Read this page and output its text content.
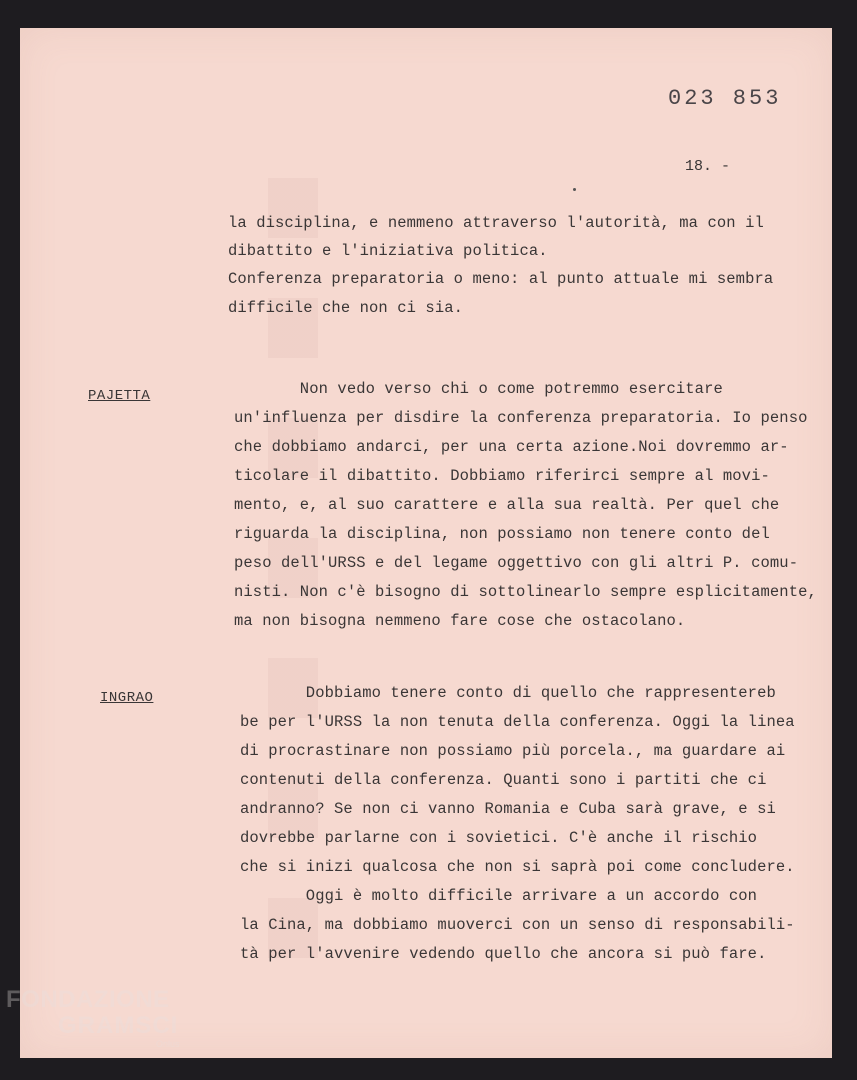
023 853
18. -
la disciplina, e nemmeno attraverso l'autorità, ma con il
dibattito e l'iniziativa politica.
Conferenza preparatoria o meno: al punto attuale mi sembra
difficile che non ci sia.
PAJETTA	Non vedo verso chi o come potremmo esercitare
un'influenza per disdire la conferenza preparatoria. Io penso
che dobbiamo andarci, per una certa azione.Noi dovremmo ar-
ticolare il dibattito. Dobbiamo riferirci sempre al movi-
mento, e, al suo carattere e alla sua realtà. Per quel che
riguarda la disciplina, non possiamo non tenere conto del
peso dell'URSS e del legame oggettivo con gli altri P. comu-
nisti. Non c'è bisogno di sottolinearlo sempre esplicitamente,
ma non bisogna nemmeno fare cose che ostacolano.
INGRAO	Dobbiamo tenere conto di quello che rappresentereb
be per l'URSS la non tenuta della conferenza. Oggi la linea
di procrastinare non possiamo più porcela., ma guardare ai
contenuti della conferenza. Quanti sono i partiti che ci
andranno? Se non ci vanno Romania e Cuba sarà grave, e si
dovrebbe parlarne con i sovietici. C'è anche il rischio
che si inizi qualcosa che non si saprà poi come concludere.
Oggi è molto difficile arrivare a un accordo con
la Cina, ma dobbiamo muoverci con un senso di responsabili-
tà per l'avvenire vedendo quello che ancora si può fare.
FONDAZIONE
GRAMSCI
Onlus
